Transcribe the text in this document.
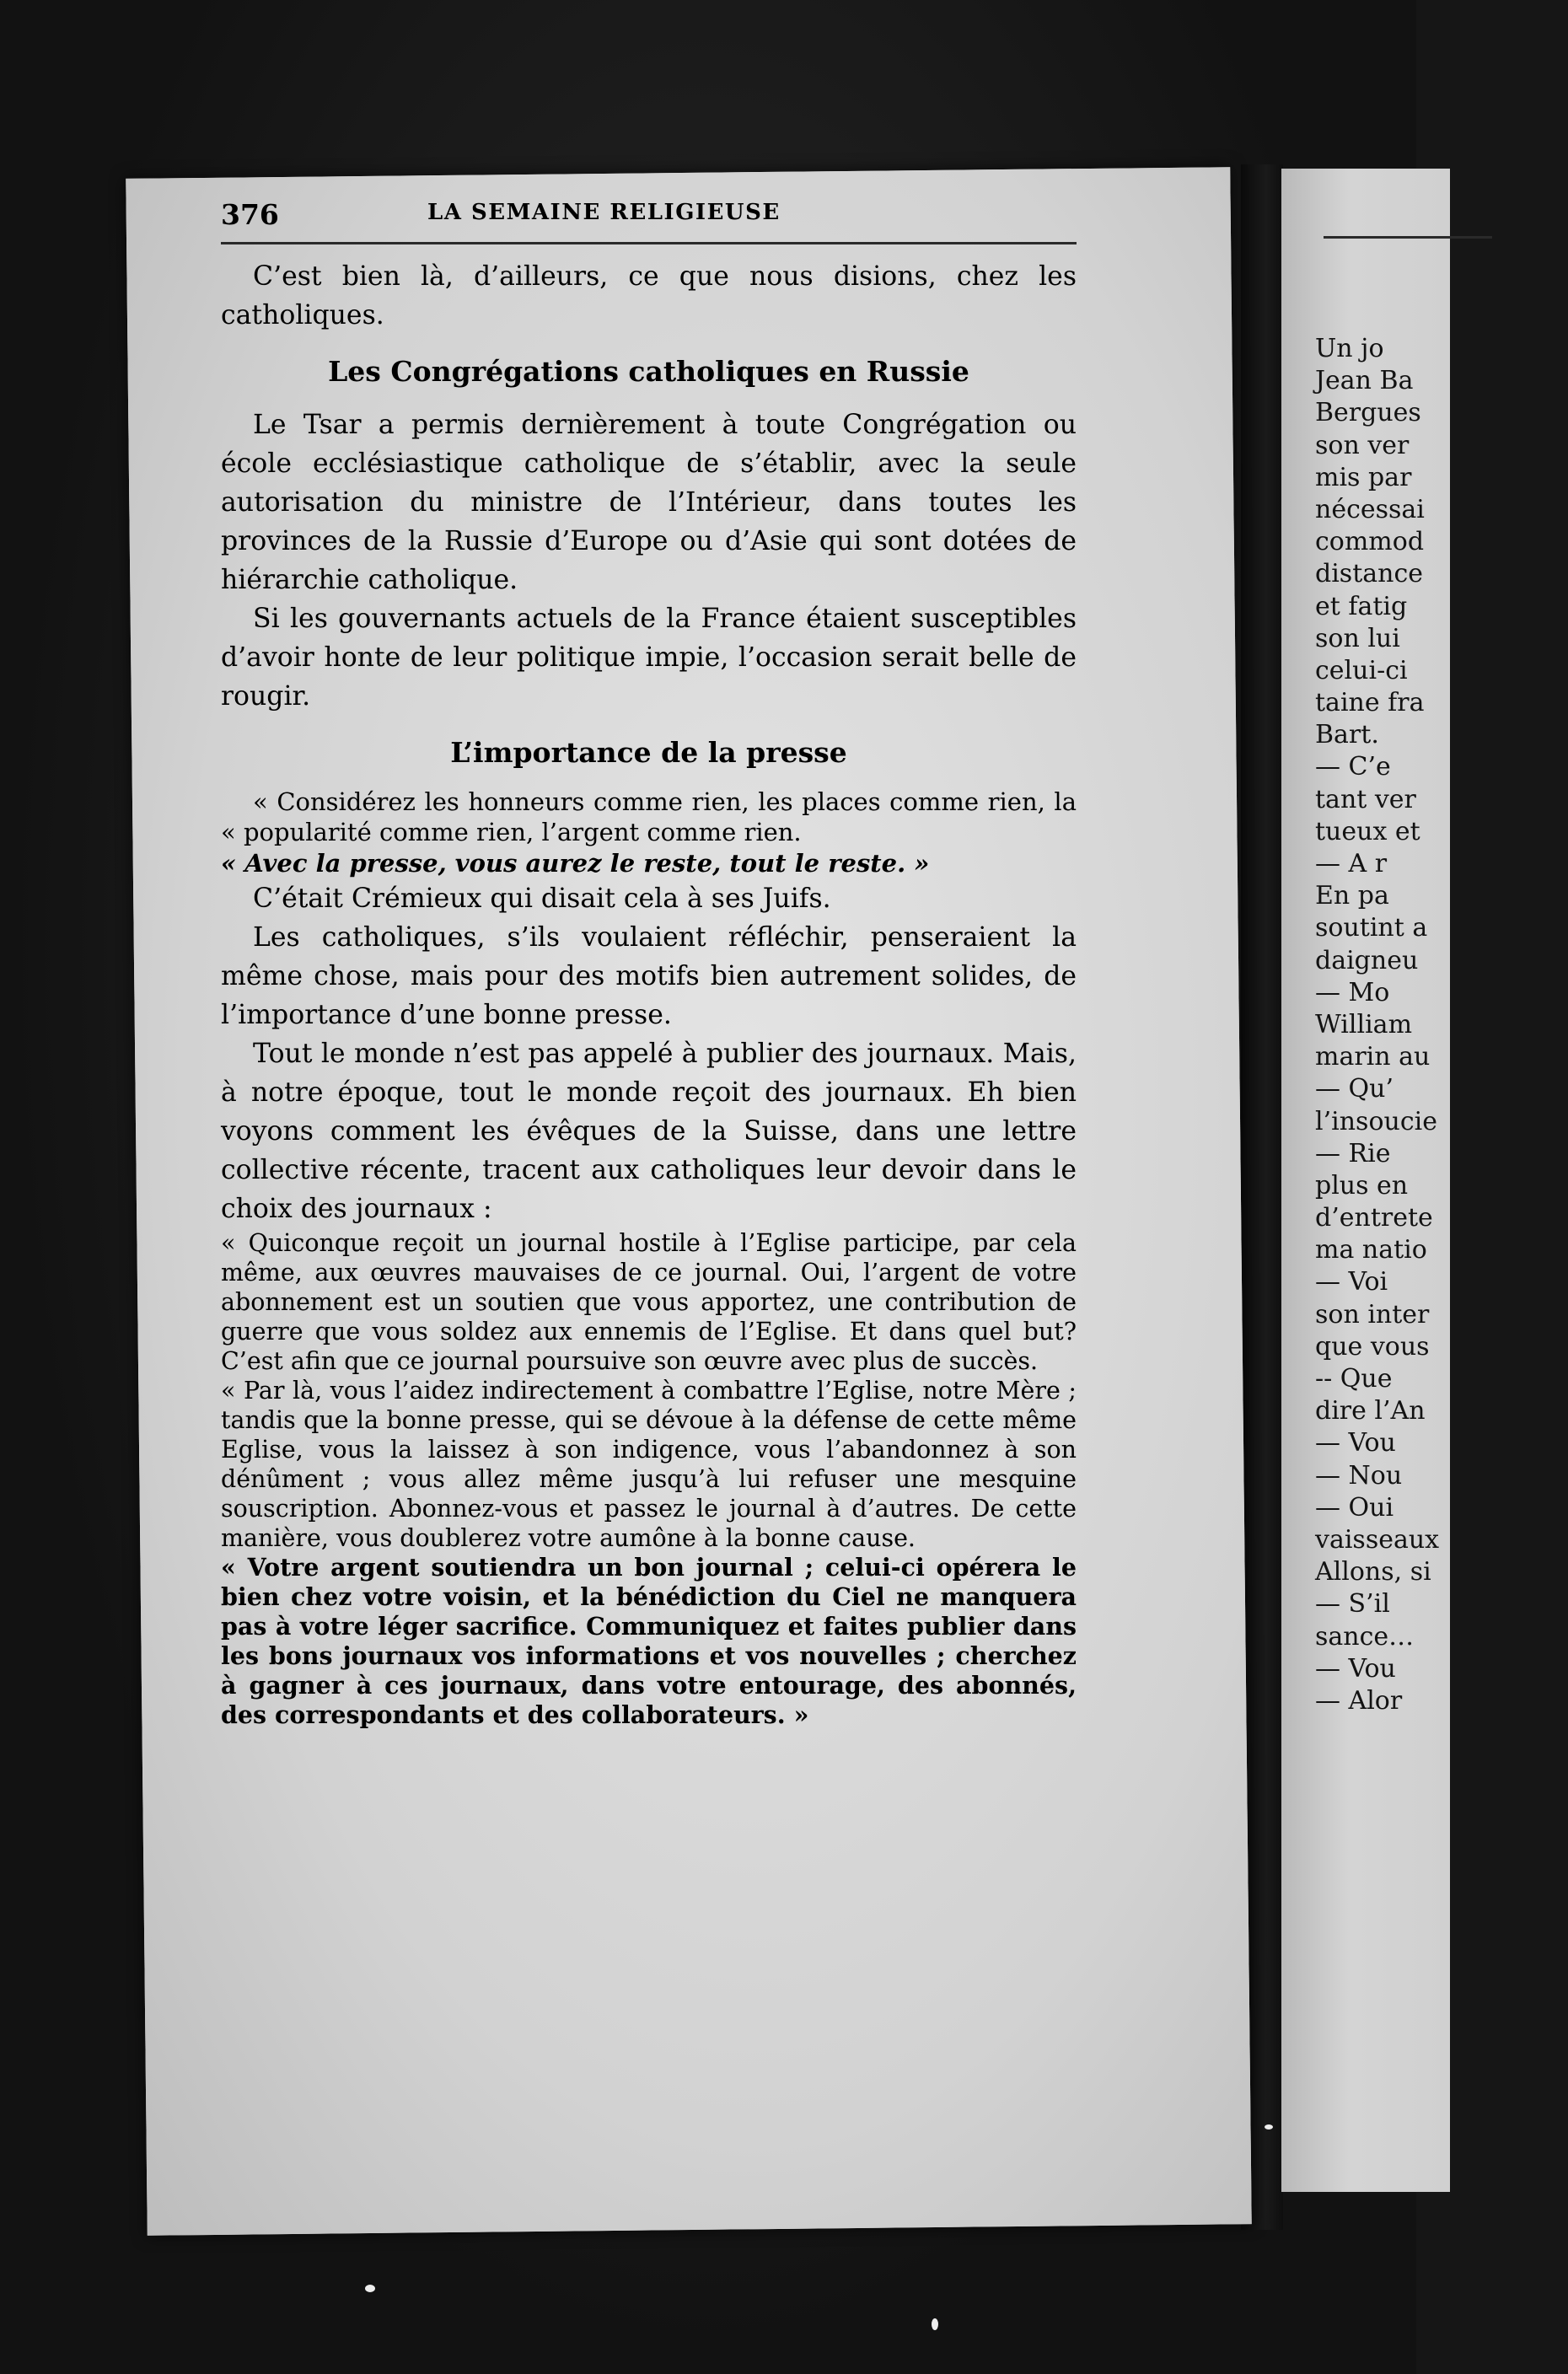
Un jo
Jean Ba
Bergues
son ver
mis par
nécessai
commod
distance
et fatig
son lui
celui-ci
taine fra
Bart.
— C’e
tant ver
tueux et
— A r
En pa
soutint a
daigneu
— Mo
William
marin au
— Qu’
l’insoucie
— Rie
plus en
d’entrete
ma natio
— Voi
son inter
que vous
-- Que
dire l’An
— Vou
— Nou
— Oui
vaisseaux
Allons, si
— S’il
sance…
— Vou
— Alor
376	LA SEMAINE RELIGIEUSE

C’est bien là, d’ailleurs, ce que nous disions, chez les catholiques.

Les Congrégations catholiques en Russie

Le Tsar a permis dernièrement à toute Congrégation ou école ecclésiastique catholique de s’établir, avec la seule autorisation du ministre de l’Intérieur, dans toutes les provinces de la Russie d’Europe ou d’Asie qui sont dotées de hiérarchie catholique.

Si les gouvernants actuels de la France étaient susceptibles d’avoir honte de leur politique impie, l’occasion serait belle de rougir.

L’importance de la presse

« Considérez les honneurs comme rien, les places comme rien, la « popularité comme rien, l’argent comme rien.

« Avec la presse, vous aurez le reste, tout le reste. »

C’était Crémieux qui disait cela à ses Juifs.

Les catholiques, s’ils voulaient réfléchir, penseraient la même chose, mais pour des motifs bien autrement solides, de l’importance d’une bonne presse.

Tout le monde n’est pas appelé à publier des journaux. Mais, à notre époque, tout le monde reçoit des journaux. Eh bien voyons comment les évêques de la Suisse, dans une lettre collective récente, tracent aux catholiques leur devoir dans le choix des journaux :

« Quiconque reçoit un journal hostile à l’Eglise participe, par cela même, aux œuvres mauvaises de ce journal. Oui, l’argent de votre abonnement est un soutien que vous apportez, une contribution de guerre que vous soldez aux ennemis de l’Eglise. Et dans quel but? C’est afin que ce journal poursuive son œuvre avec plus de succès.

« Par là, vous l’aidez indirectement à combattre l’Eglise, notre Mère ; tandis que la bonne presse, qui se dévoue à la défense de cette même Eglise, vous la laissez à son indigence, vous l’abandonnez à son dénûment ; vous allez même jusqu’à lui refuser une mesquine souscription. Abonnez-vous et passez le journal à d’autres. De cette manière, vous doublerez votre aumône à la bonne cause.

« Votre argent soutiendra un bon journal ; celui-ci opérera le bien chez votre voisin, et la bénédiction du Ciel ne manquera pas à votre léger sacrifice. Communiquez et faites publier dans les bons journaux vos informations et vos nouvelles ; cherchez à gagner à ces journaux, dans votre entourage, des abonnés, des correspondants et des collaborateurs. »
